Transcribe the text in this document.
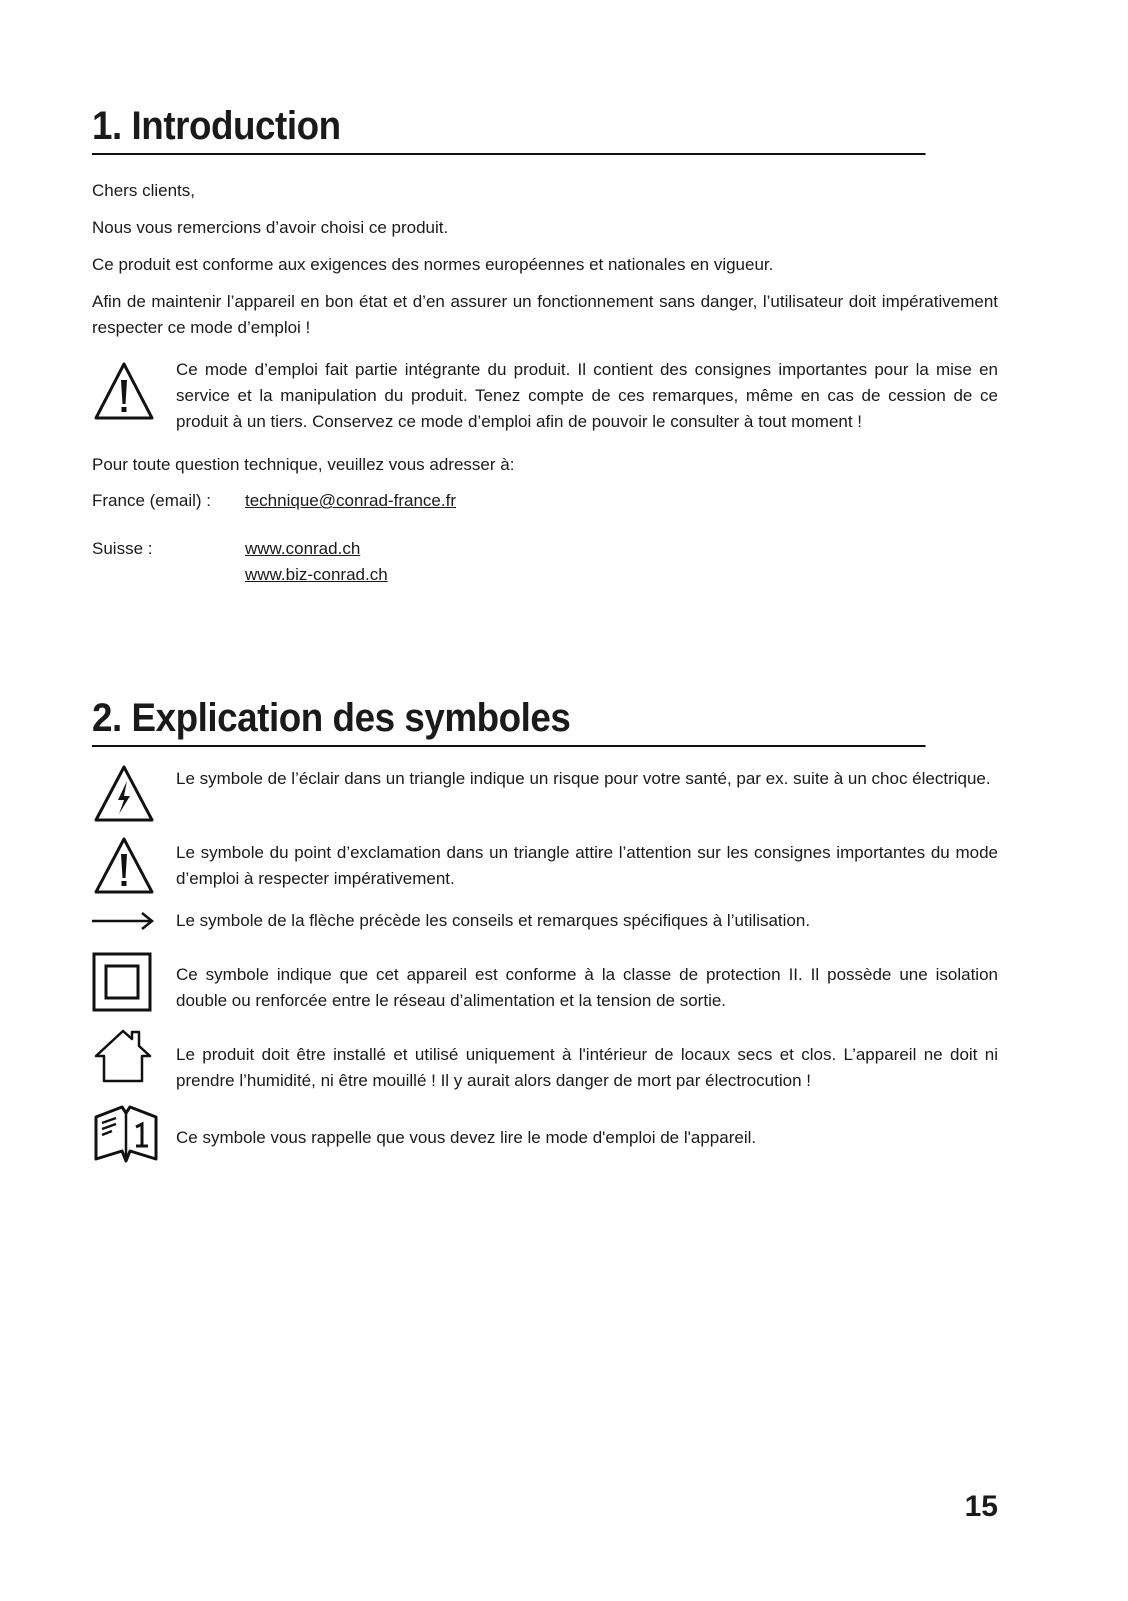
1. Introduction
Chers clients,
Nous vous remercions d’avoir choisi ce produit.
Ce produit est conforme aux exigences des normes européennes et nationales en vigueur.
Afin de maintenir l’appareil en bon état et d’en assurer un fonctionnement sans danger, l’utilisateur doit impérativement respecter ce mode d’emploi !
Ce mode d’emploi fait partie intégrante du produit. Il contient des consignes importantes pour la mise en service et la manipulation du produit. Tenez compte de ces remarques, même en cas de cession de ce produit à un tiers. Conservez ce mode d’emploi afin de pouvoir le consulter à tout moment !
Pour toute question technique, veuillez vous adresser à:
France (email) : technique@conrad-france.fr
Suisse :	www.conrad.ch
www.biz-conrad.ch
2. Explication des symboles
Le symbole de l’éclair dans un triangle indique un risque pour votre santé, par ex. suite à un choc électrique.
Le symbole du point d’exclamation dans un triangle attire l’attention sur les consignes importantes du mode d’emploi à respecter impérativement.
Le symbole de la flèche précède les conseils et remarques spécifiques à l’utilisation.
Ce symbole indique que cet appareil est conforme à la classe de protection II. Il possède une isolation double ou renforcée entre le réseau d’alimentation et la tension de sortie.
Le produit doit être installé et utilisé uniquement à l'intérieur de locaux secs et clos. L’appareil ne doit ni prendre l’humidité, ni être mouillé ! Il y aurait alors danger de mort par électrocution !
Ce symbole vous rappelle que vous devez lire le mode d'emploi de l'appareil.
15
